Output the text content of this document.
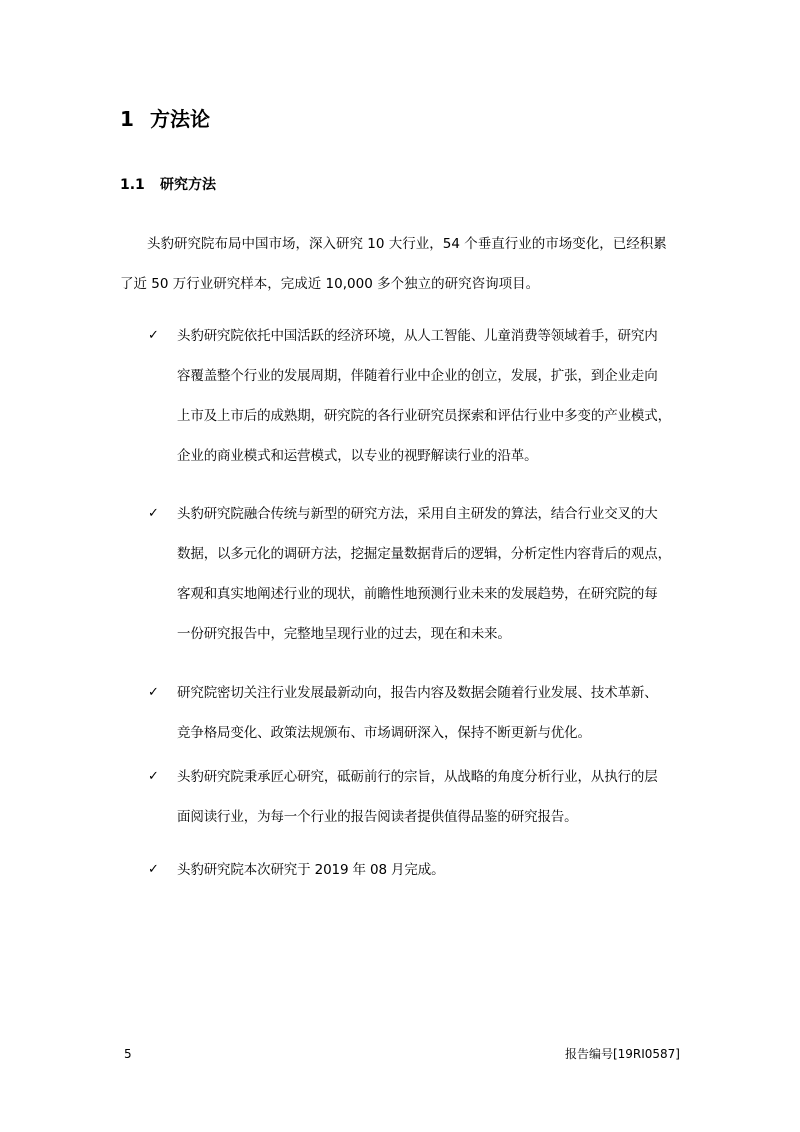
1 方法论
1.1 研究方法
　　头豹研究院布局中国市场，深入研究 10 大行业，54 个垂直行业的市场变化，已经积累
了近 50 万行业研究样本，完成近 10,000 多个独立的研究咨询项目。
✓ 头豹研究院依托中国活跃的经济环境，从人工智能、儿童消费等领域着手，研究内
容覆盖整个行业的发展周期，伴随着行业中企业的创立，发展，扩张，到企业走向
上市及上市后的成熟期，研究院的各行业研究员探索和评估行业中多变的产业模式，
企业的商业模式和运营模式，以专业的视野解读行业的沿革。
✓ 头豹研究院融合传统与新型的研究方法，采用自主研发的算法，结合行业交叉的大
数据，以多元化的调研方法，挖掘定量数据背后的逻辑，分析定性内容背后的观点，
客观和真实地阐述行业的现状，前瞻性地预测行业未来的发展趋势，在研究院的每
一份研究报告中，完整地呈现行业的过去，现在和未来。
✓ 研究院密切关注行业发展最新动向，报告内容及数据会随着行业发展、技术革新、
竞争格局变化、政策法规颁布、市场调研深入，保持不断更新与优化。
✓ 头豹研究院秉承匠心研究，砥砺前行的宗旨，从战略的角度分析行业，从执行的层
面阅读行业，为每一个行业的报告阅读者提供值得品鉴的研究报告。
✓ 头豹研究院本次研究于 2019 年 08 月完成。
5	报告编号[19RI0587]
